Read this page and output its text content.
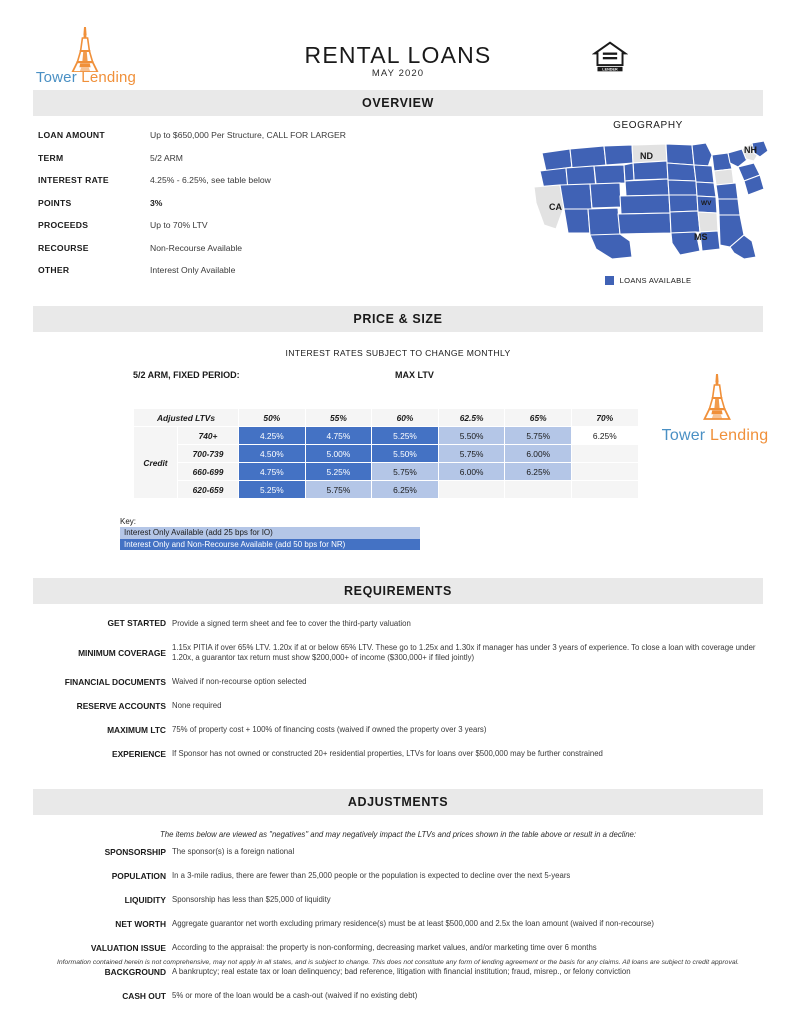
Tower Lending
RENTAL LOANS
MAY 2020	LENDER
OVERVIEW
LOAN AMOUNT	Up to $650,000 Per Structure, CALL FOR LARGER
TERM	5/2 ARM
INTEREST RATE	4.25% - 6.25%, see table below
POINTS	3%
PROCEEDS	Up to 70% LTV
RECOURSE	Non-Recourse Available
OTHER	Interest Only Available
GEOGRAPHY
CA
ND
NH
WV
MS
LOANS AVAILABLE
PRICE & SIZE
INTEREST RATES SUBJECT TO CHANGE MONTHLY
5/2 ARM, FIXED PERIOD:	MAX LTV
Adjusted LTVs		50%	55%	60%	62.5%	65%	70%
Credit	740+	4.25%	4.75%	5.25%	5.50%	5.75%	6.25%
	700-739	4.50%	5.00%	5.50%	5.75%	6.00%	
	660-699	4.75%	5.25%	5.75%	6.00%	6.25%	
	620-659	5.25%	5.75%	6.25%			
Key:
Interest Only Available (add 25 bps for IO)
Interest Only and Non-Recourse Available (add 50 bps for NR)
Tower Lending
REQUIREMENTS
GET STARTED Provide a signed term sheet and fee to cover the third-party valuation
MINIMUM COVERAGE
1.15x PITIA if over 65% LTV. 1.20x if at or below 65% LTV. These go to 1.25x and 1.30x if manager has under 3 years of experience. To close a loan with coverage under 1.20x, a guarantor tax return must show $200,000+ of income ($300,000+ if filed jointly)
FINANCIAL DOCUMENTS Waived if non-recourse option selected
RESERVE ACCOUNTS None required
MAXIMUM LTC 75% of property cost + 100% of financing costs (waived if owned the property over 3 years)
EXPERIENCE If Sponsor has not owned or constructed 20+ residential properties, LTVs for loans over $500,000 may be further constrained
ADJUSTMENTS
The items below are viewed as "negatives" and may negatively impact the LTVs and prices shown in the table above or result in a decline:
SPONSORSHIP The sponsor(s) is a foreign national
POPULATION In a 3-mile radius, there are fewer than 25,000 people or the population is expected to decline over the next 5-years
LIQUIDITY Sponsorship has less than $25,000 of liquidity
NET WORTH Aggregate guarantor net worth excluding primary residence(s) must be at least $500,000 and 2.5x the loan amount (waived if non-recourse)
VALUATION ISSUE According to the appraisal: the property is non-conforming, decreasing market values, and/or marketing time over 6 months
BACKGROUND A bankruptcy; real estate tax or loan delinquency; bad reference, litigation with financial institution; fraud, misrep., or felony conviction
CASH OUT 5% or more of the loan would be a cash-out (waived if no existing debt)
Information contained herein is not comprehensive, may not apply in all states, and is subject to change. This does not constitute any form of lending agreement or the basis for any claims. All loans are subject to credit approval.
